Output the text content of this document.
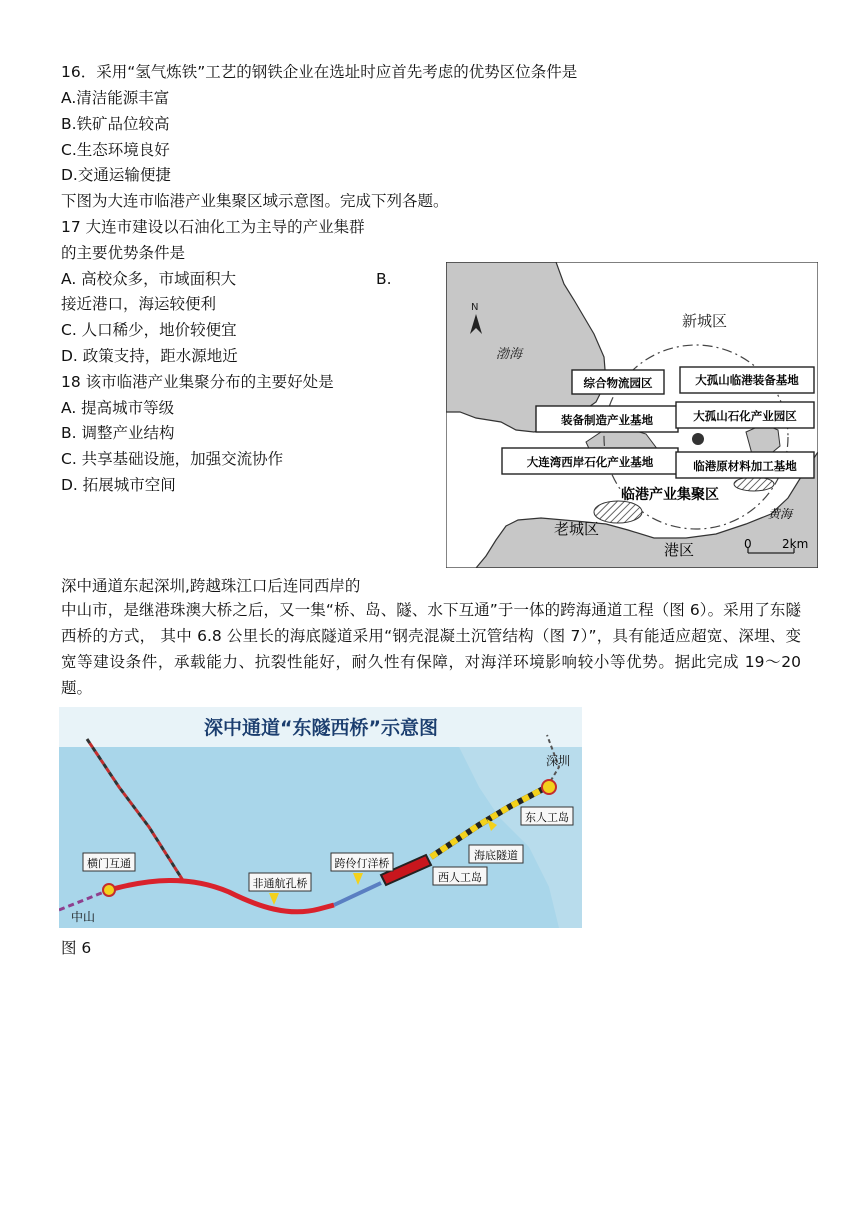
16．采用“氢气炼铁”工艺的钢铁企业在选址时应首先考虑的优势区位条件是
A.清洁能源丰富
B.铁矿品位较高
C.生态环境良好
D.交通运输便捷
下图为大连市临港产业集聚区域示意图。完成下列各题。
17 大连市建设以石油化工为主导的产业集群
的主要优势条件是
A. 高校众多，市域面积大	B.
接近港口，海运较便利
C. 人口稀少，地价较便宜
D. 政策支持，距水源地近
18 该市临港产业集聚分布的主要好处是
A. 提高城市等级
B. 调整产业结构
C. 共享基础设施，加强交流协作
D. 拓展城市空间
N
渤海
新城区
综合物流园区	大孤山临港装备基地
装备制造产业基地	大孤山石化产业园区
大连湾西岸石化产业基地	临港原材料加工基地
临港产业集聚区
老城区
港区
黄海
0	2km
深中通道东起深圳,跨越珠江口后连同西岸的
中山市，是继港珠澳大桥之后，又一集“桥、岛、隧、水下互通”于一体的跨海通道工程（图 6）。采用了东隧西桥的方式， 其中 6.8 公里长的海底隧道采用“钢壳混凝土沉管结构（图 7）”，具有能适应超宽、深埋、变宽等建设条件，承载能力、抗裂性能好，耐久性有保障，对海洋环境影响较小等优势。据此完成 19～20 题。
深中通道“东隧西桥”示意图
深圳
东人工岛
海底隧道
西人工岛
跨伶仃洋桥
非通航孔桥
横门互通
中山
图 6
